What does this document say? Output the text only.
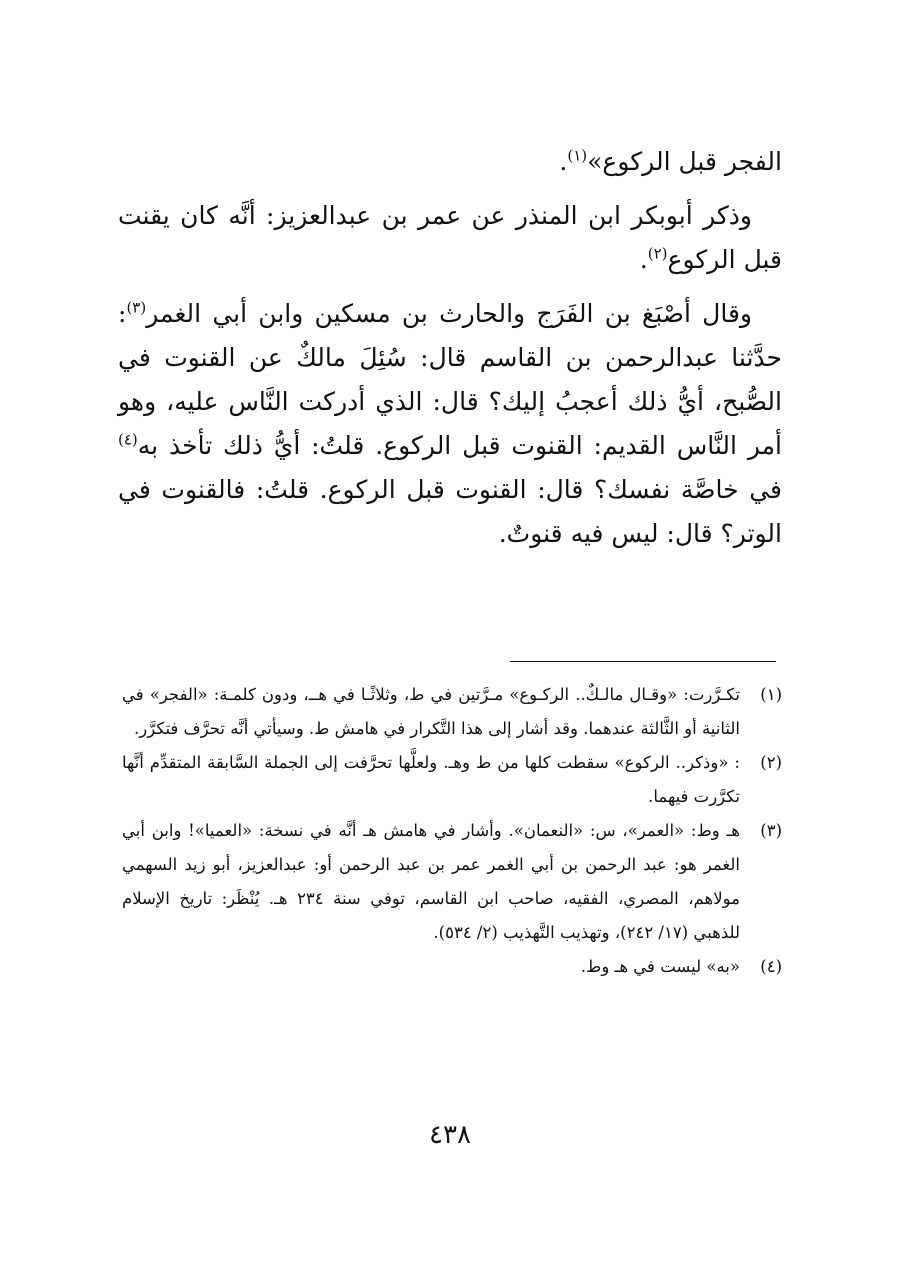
الفجر قبل الركوع»$^{(١)}$.

وذكر أبوبكر ابن المنذر عن عمر بن عبدالعزيز: أنَّه كان يقنت قبل الركوع$^{(٢)}$.

وقال أصْبَغ بن الفَرَج والحارث بن مسكين وابن أبي الغمر$^{(٣)}$: حدَّثنا عبدالرحمن بن القاسم قال: سُئِلَ مالكٌ عن القنوت في الصُّبح، أيُّ ذلك أعجبُ إليك؟ قال: الذي أدركت النَّاس عليه، وهو أمر النَّاس القديم: القنوت قبل الركوع. قلتُ: أيُّ ذلك تأخذ به$^{(٤)}$ في خاصَّة نفسك؟ قال: القنوت قبل الركوع. قلتُ: فالقنوت في الوتر؟ قال: ليس فيه قنوتٌ.

(١)
تكـرَّرت: «وقـال مالـكٌ.. الركـوع» مـرَّتين في ط، وثلاثًـا في هــ، ودون كلمـة: «الفجر» في الثانية أو الثَّالثة عندهما. وقد أشار إلى هذا التَّكرار في هامش ط. وسيأتي أنَّه تحرَّف فتكرَّر.
(٢)
: «وذكر.. الركوع» سقطت كلها من ط وهـ. ولعلَّها تحرَّفت إلى الجملة السَّابقة المتقدِّم أنَّها تكرَّرت فيهما.
(٣)
هـ وط: «العمر»، س: «النعمان». وأشار في هامش هـ أنَّه في نسخة: «العميا»! وابن أبي الغمر هو: عبد الرحمن بن أبي الغمر عمر بن عبد الرحمن أو: عبدالعزيز، أبو زيد السهمي مولاهم، المصري، الفقيه، صاحب ابن القاسم، توفي سنة ٢٣٤ هـ. يُنْظَر: تاريخ الإسلام للذهبي (١٧/ ٢٤٢)، وتهذيب التَّهذيب (٢/ ٥٣٤).
(٤)
«به» ليست في هـ وط.
٤٣٨
